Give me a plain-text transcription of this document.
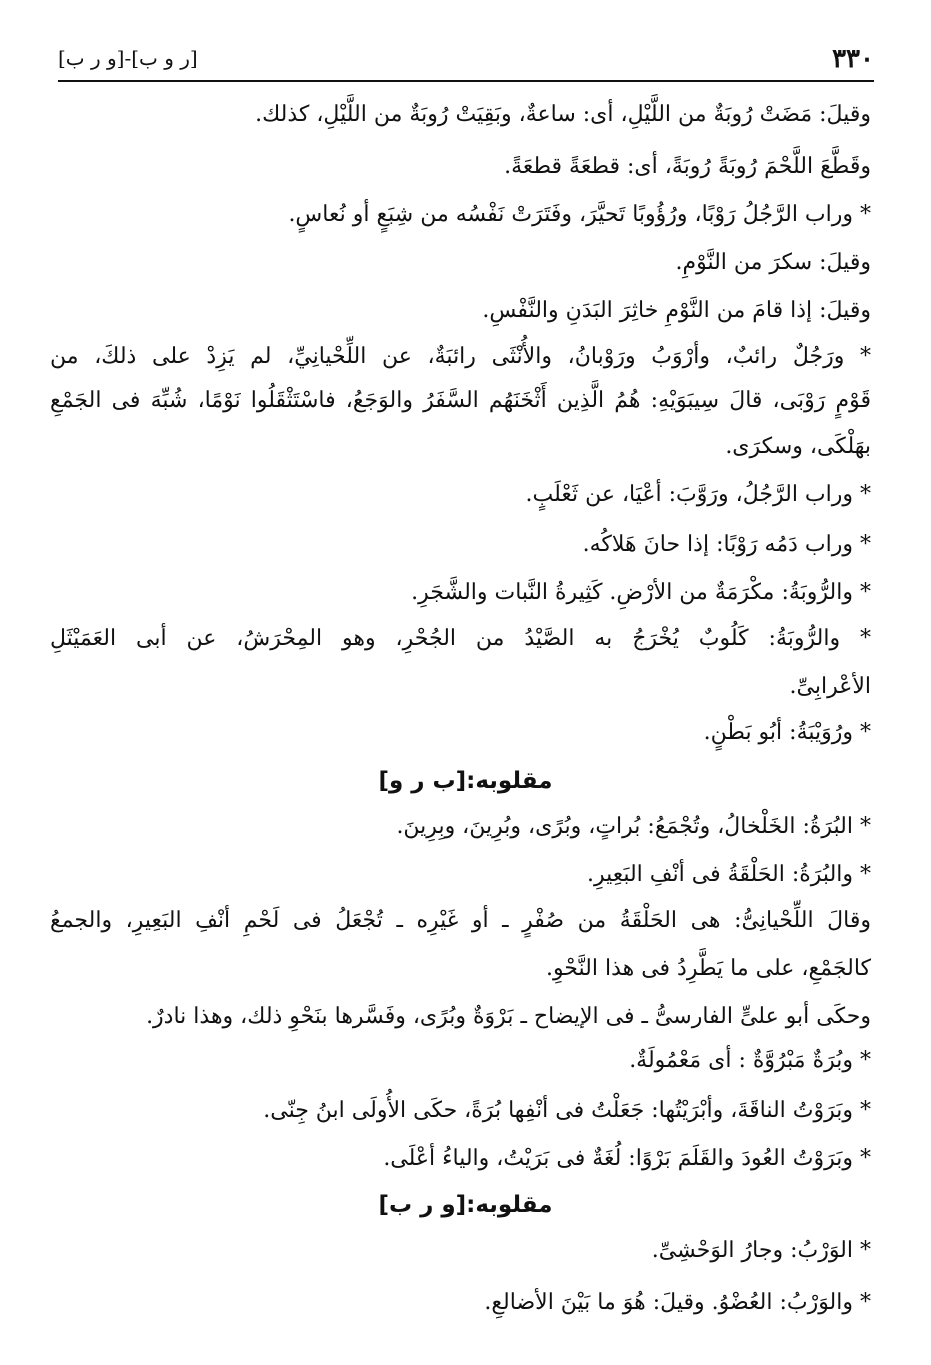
٣٣٠
[ر و ب]-[و ر ب]
وقيلَ: مَضَتْ رُوبَةٌ من اللَّيْلِ، أى: ساعةٌ، وبَقِيَتْ رُوبَةٌ من اللَّيْلِ، كذلك.
وقَطَّعَ اللَّحْمَ رُوبَةً رُوبَةً، أى: قطعَةً قطعَةً.
* وراب الرَّجُلُ رَوْبًا، ورُؤُوبًا تَحيَّرَ، وفَتَرَتْ نَفْسُه من شِبَعٍ أو نُعاسٍ.
وقيلَ: سكرَ من النَّوْمِ.
وقيلَ: إذا قامَ من النَّوْمِ خاثِرَ البَدَنِ والنَّفْسِ.
* ورَجُلٌ رائبٌ، وأرْوَبُ ورَوْبانُ، والأُنْثَى رائبَةٌ، عن اللِّحْيانِيِّ، لم يَزِدْ على ذلكَ، من
قَوْمٍ رَوْبَى، قالَ سِيبَوَيْهِ: هُمُ الَّذِين أَثْخَنَهُم السَّفَرُ والوَجَعُ، فاسْتَثْقَلُوا نَوْمًا، شُبِّهَ فى الجَمْعِ
بهَلْكَى، وسكرَى.
* وراب الرَّجُلُ، ورَوَّبَ: أعْيَا، عن ثَعْلَبٍ.
* وراب دَمُه رَوْبًا: إذا حانَ هَلاكُه.
* والرُّوبَةُ: مكْرَمَةٌ من الأرْضِ. كَثِيرةُ النَّبات والشَّجَرِ.
* والرُّوبَةُ: كَلُوبٌ يُخْرَجُ به الصَّيْدُ من الجُحْرِ، وهو المِحْرَشُ، عن أبى العَمَيْثَلِ
الأعْرابِىِّ.
* ورُوَيْبَةُ: أبُو بَطْنٍ.
مقلوبه:[ب ر و]
* البُرَةُ: الخَلْخالُ، وتُجْمَعُ: بُراتٍ، وبُرًى، وبُرِينَ، وبِرِينَ.
* والبُرَةُ: الحَلْقَةُ فى أنْفِ البَعِيرِ.
وقالَ اللِّحْيانِىُّ: هى الحَلْقَةُ من صُفْرٍ ـ أو غَيْرِه ـ تُجْعَلُ فى لَحْمِ أنْفِ البَعِيرِ، والجمعُ
كالجَمْعِ، على ما يَطَّرِدُ فى هذا النَّحْوِ.
وحكَى أبو علىٍّ الفارسىُّ ـ فى الإيضاح ـ بَرْوَةٌ وبُرًى، وفَسَّرها بنَحْوِ ذلك، وهذا نادرٌ.
* وبُرَةٌ مَبْرُوَّةٌ : أى مَعْمُولَةٌ.
* وبَرَوْتُ الناقَةَ، وأبْرَيْتُها: جَعَلْتُ فى أنْفِها بُرَةً، حكَى الأُولَى ابنُ جِنّى.
* وبَرَوْتُ العُودَ والقَلَمَ بَرْوًا: لُغَةٌ فى بَرَيْتُ، والياءُ أعْلَى.
مقلوبه:[و ر ب]
* الوَرْبُ: وجارُ الوَحْشِىِّ.
* والوَرْبُ: العُضْوُ. وقيلَ: هُوَ ما بَيْنَ الأضالعِ.
